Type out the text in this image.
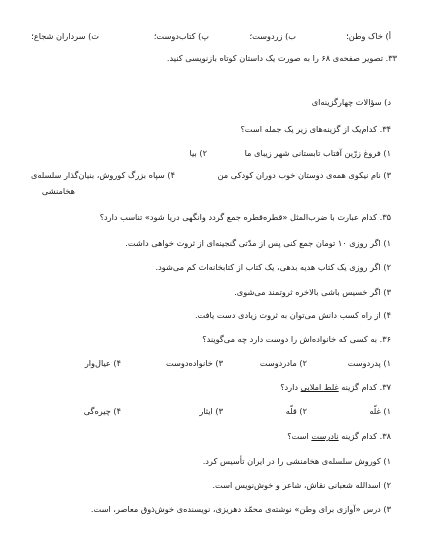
أ) خاک وطن؛
ب) زردوست؛
پ) کتاب‌دوست؛
ت) سرداران شجاع؛
۳۳. تصویر صفحه‌ی ۶۸ را به صورت یک داستان کوتاه بازنویسی کنید.
د) سؤالات چهارگزینه‌ای
۳۴. کدام‌یک از گزینه‌های زیر یک جمله است؟
۱) فروغ زرّین آفتاب تابستانی شهر زیبای ما
۲) بیا
۳) نام نیکوی همه‌ی دوستان خوب دوران کودکی من
۴) سپاه بزرگ کوروش، بنیان‌گذار سلسله‌ی
هخامنشی
۳۵. کدام عبارت با ضرب‌المثل «قطره‌قطره جمع گردد وانگهی دریا شود» تناسب دارد؟
۱) اگر روزی ۱۰ تومان جمع کنی پس از مدّتی گنجینه‌ای از ثروت خواهی داشت.
۲) اگر روزی یک کتاب هدیه بدهی، یک کتاب از کتابخانه‌ات کم می‌شود.
۳) اگر خسیس باشی بالاخره ثروتمند می‌شوی.
۴) از راه کسب دانش می‌توان به ثروت زیادی دست یافت.
۳۶. به کسی که خانواده‌اش را دوست دارد چه می‌گویند؟
۱) پدردوست
۲) مادردوست
۳) خانواده‌دوست
۴) عیال‌وار
۳۷. کدام گزینه غلط املایی دارد؟
۱) غلّه
۲) قلّه
۳) ایثار
۴) چیره‌گی
۳۸. کدام گزینه نادرست است؟
۱) کوروش سلسله‌ی هخامنشی را در ایران تأسیس کرد.
۲) اسدالله شعبانی نقاش، شاعر و خوش‌نویس است.
۳) درس «آوازی برای وطن» نوشته‌ی محمّد دهریزی، نویسنده‌ی خوش‌ذوق معاصر، است.
